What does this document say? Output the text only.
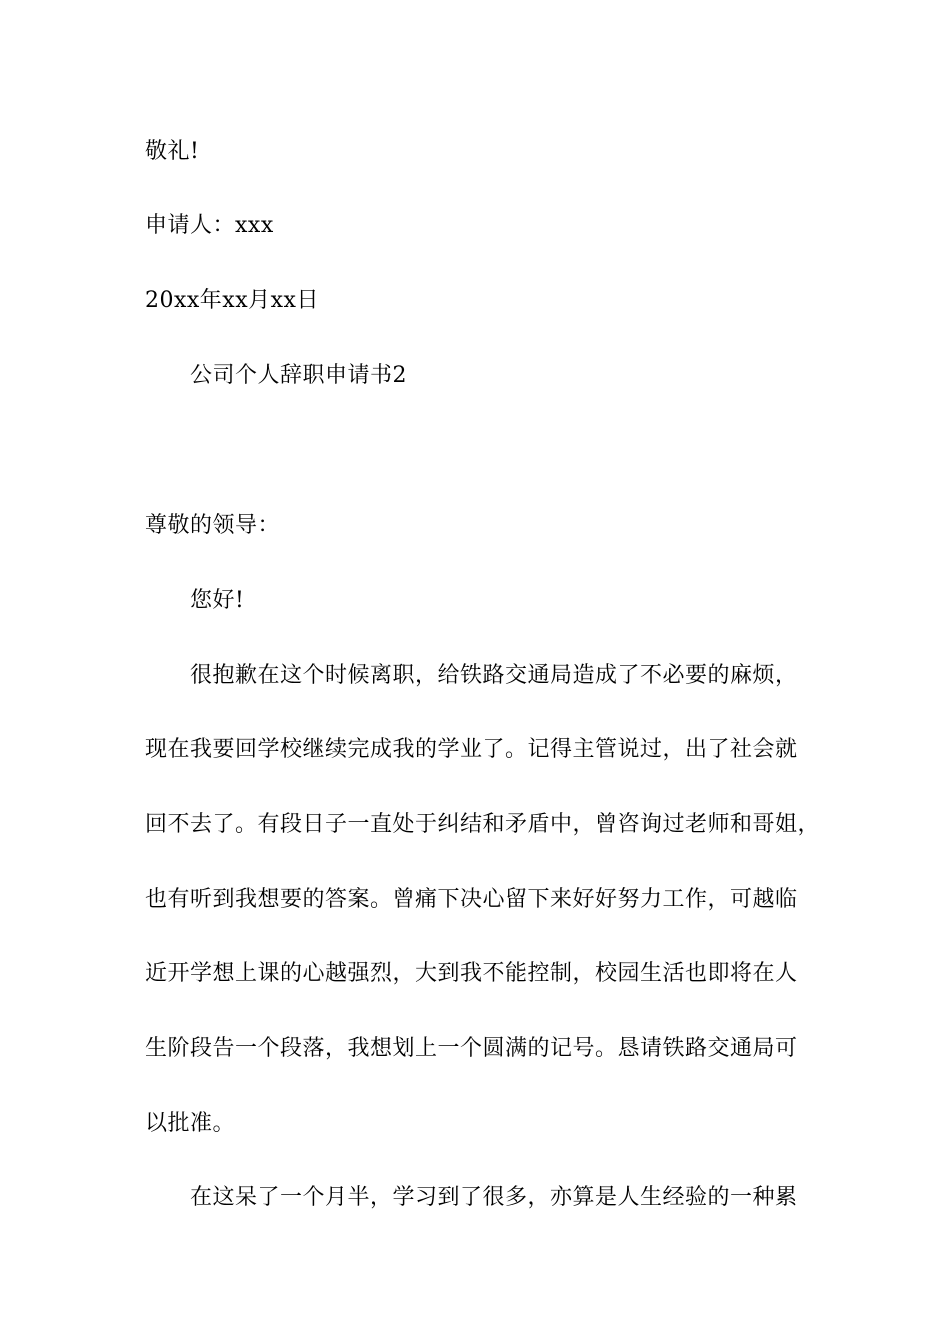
敬礼!
申请人：xxx
20xx年xx月xx日
公司个人辞职申请书2
尊敬的领导：
您好!
很抱歉在这个时候离职，给铁路交通局造成了不必要的麻烦，
现在我要回学校继续完成我的学业了。记得主管说过，出了社会就
回不去了。有段日子一直处于纠结和矛盾中，曾咨询过老师和哥姐，
也有听到我想要的答案。曾痛下决心留下来好好努力工作，可越临
近开学想上课的心越强烈，大到我不能控制，校园生活也即将在人
生阶段告一个段落，我想划上一个圆满的记号。恳请铁路交通局可
以批准。
在这呆了一个月半，学习到了很多，亦算是人生经验的一种累
